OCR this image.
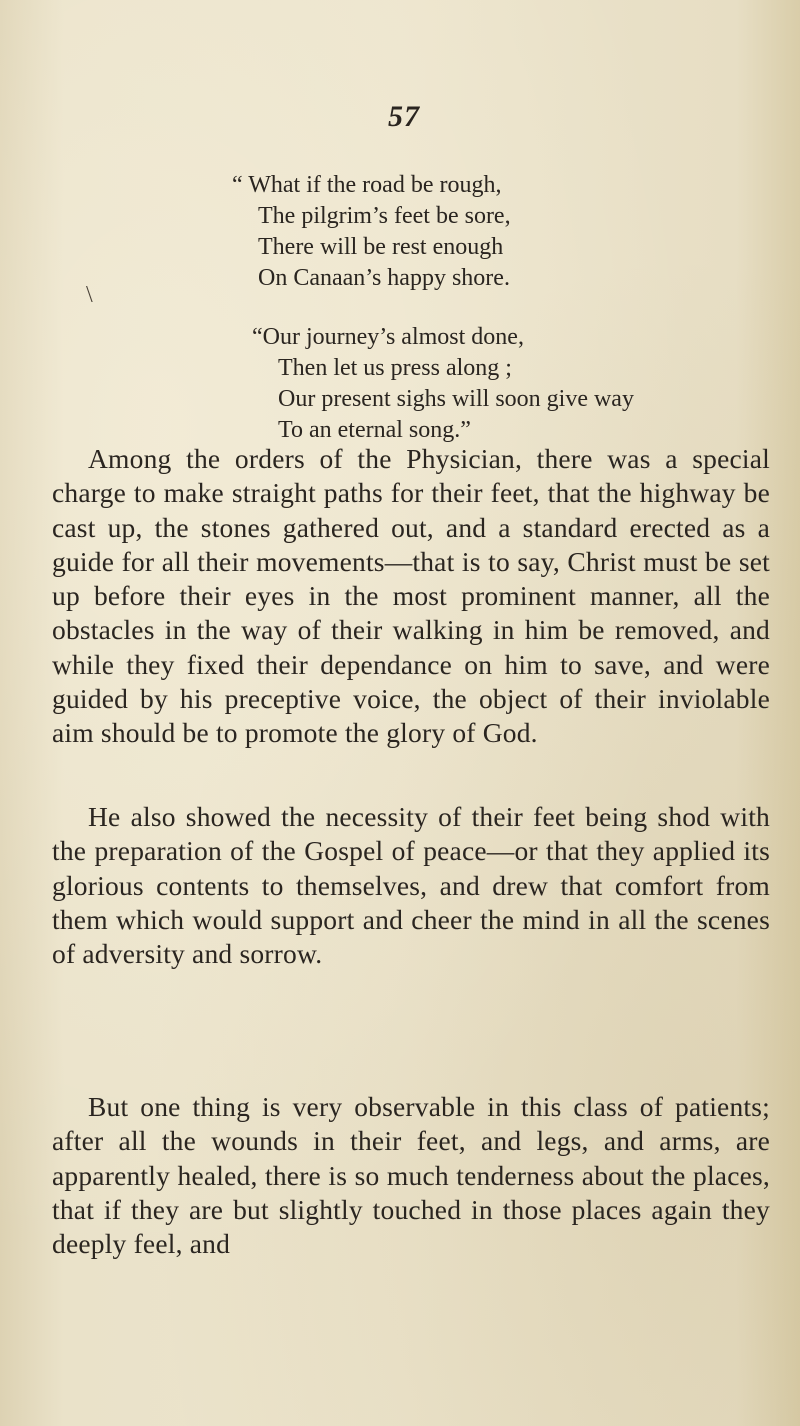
57
\
“ What if the road be rough,
The pilgrim’s feet be sore,
There will be rest enough
On Canaan’s happy shore.
“Our journey’s almost done,
Then let us press along ;
Our present sighs will soon give way
To an eternal song.”

Among the orders of the Physician, there was a special charge to make straight paths for their feet, that the highway be cast up, the stones gathered out, and a standard erected as a guide for all their movements—that is to say, Christ must be set up before their eyes in the most prominent manner, all the obstacles in the way of their walking in him be removed, and while they fixed their dependance on him to save, and were guided by his preceptive voice, the object of their inviolable aim should be to promote the glory of God.

He also showed the necessity of their feet being shod with the preparation of the Gospel of peace—or that they applied its glorious contents to themselves, and drew that comfort from them which would support and cheer the mind in all the scenes of adversity and sorrow.

But one thing is very observable in this class of patients; after all the wounds in their feet, and legs, and arms, are apparently healed, there is so much tenderness about the places, that if they are but slightly touched in those places again they deeply feel, and
